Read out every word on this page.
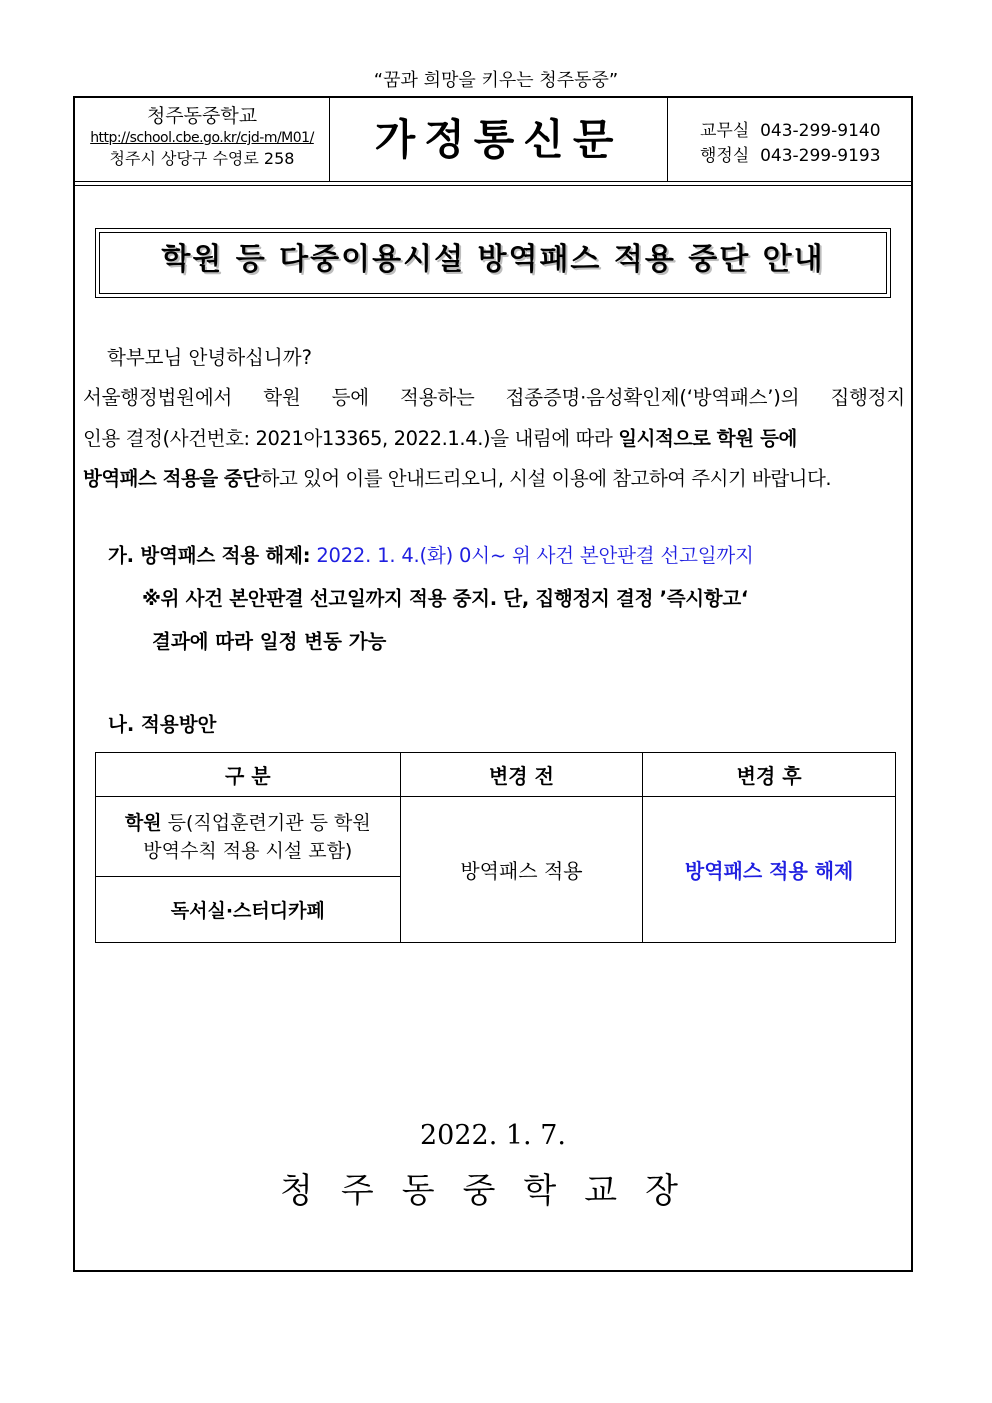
“꿈과 희망을 키우는 청주동중”
청주동중학교
http://school.cbe.go.kr/cjd-m/M01/
청주시 상당구 수영로 258	가정통신문	교무실 043-299-9140
행정실 043-299-9193
학원 등 다중이용시설 방역패스 적용 중단 안내
학부모님 안녕하십니까?
서울행정법원에서 학원 등에 적용하는 접종증명·음성확인제(‘방역패스’)의 집행정지
인용 결정(사건번호: 2021아13365, 2022.1.4.)을 내림에 따라 일시적으로 학원 등에
방역패스 적용을 중단하고 있어 이를 안내드리오니, 시설 이용에 참고하여 주시기 바랍니다.
가. 방역패스 적용 해제: 2022. 1. 4.(화) 0시~ 위 사건 본안판결 선고일까지
※위 사건 본안판결 선고일까지 적용 중지. 단, 집행정지 결정 ’즉시항고‘
결과에 따라 일정 변동 가능
나. 적용방안
구 분	변경 전	변경 후

학원 등(직업훈련기관 등 학원
방역수칙 적용 시설 포함)	방역패스 적용	방역패스 적용 해제
독서실·스터디카페		
2022. 1. 7.
청주동중학교장
